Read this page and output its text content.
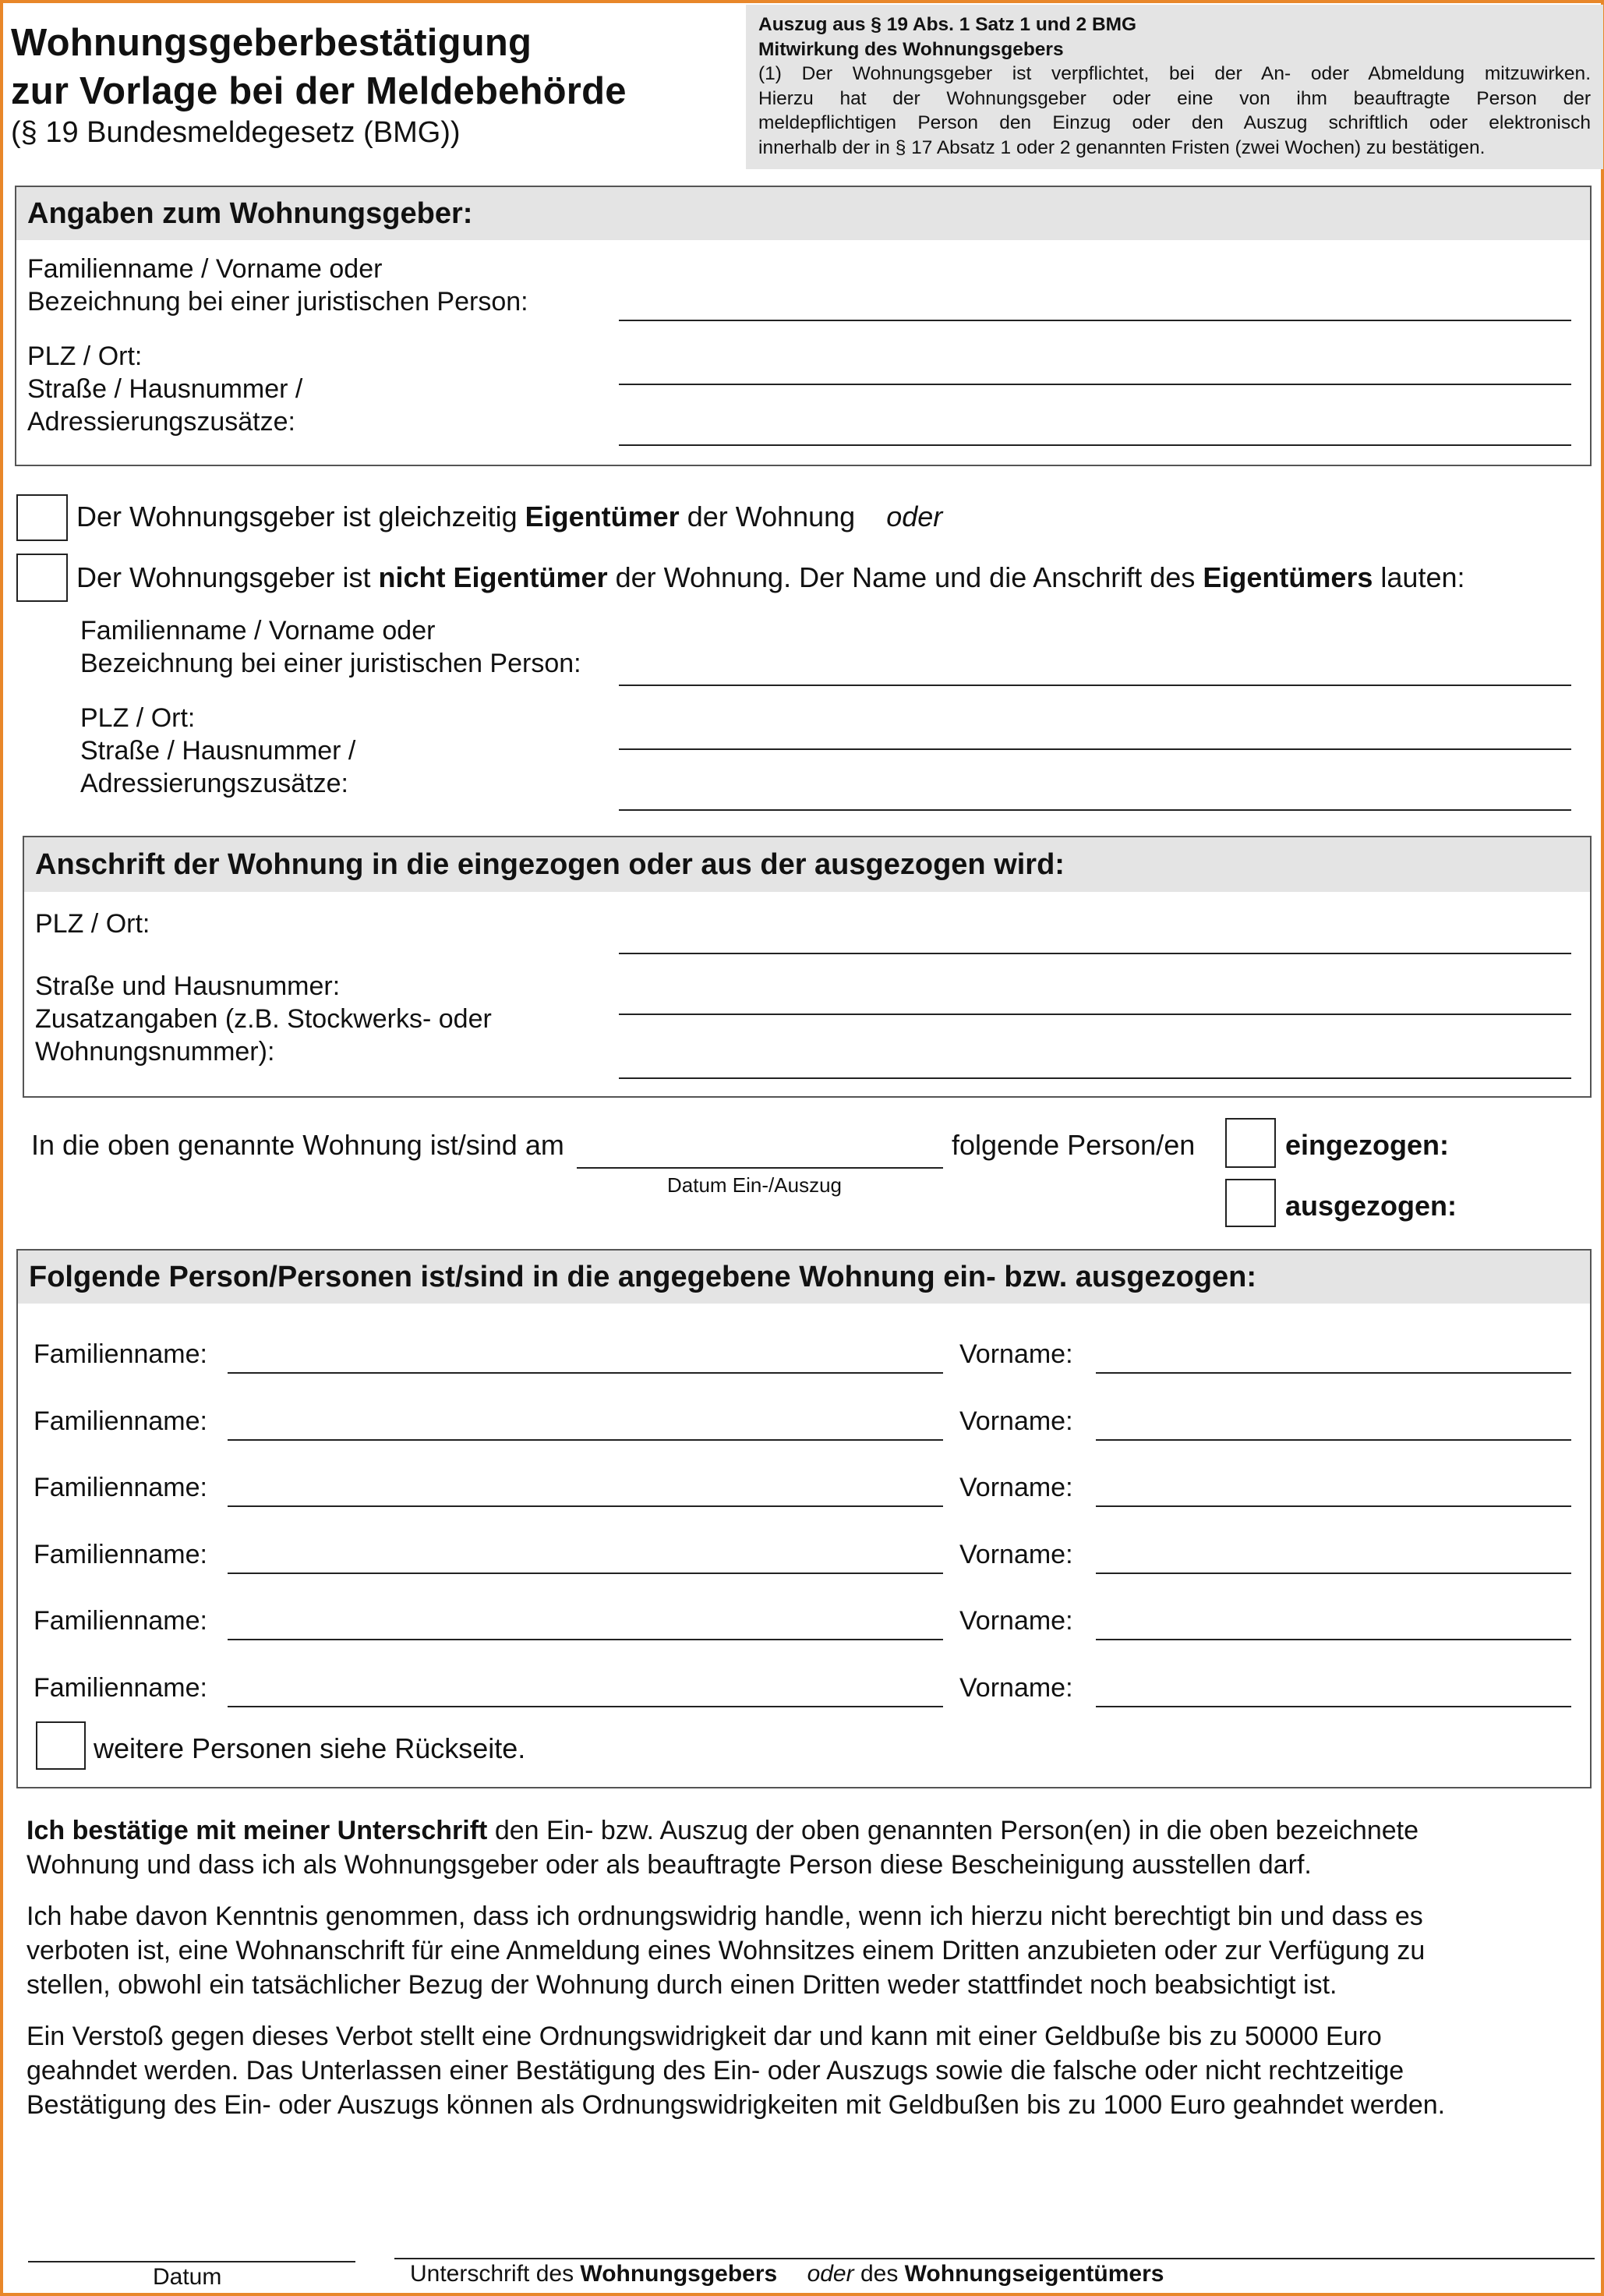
Wohnungsgeberbestätigung
zur Vorlage bei der Meldebehörde
(§ 19 Bundesmeldegesetz (BMG))
Auszug aus § 19 Abs. 1 Satz 1 und 2 BMG
Mitwirkung des Wohnungsgebers
(1) Der Wohnungsgeber ist verpflichtet, bei der An- oder Abmeldung mitzuwirken.
Hierzu hat der Wohnungsgeber oder eine von ihm beauftragte Person der
meldepflichtigen Person den Einzug oder den Auszug schriftlich oder elektronisch
innerhalb der in § 17 Absatz 1 oder 2 genannten Fristen (zwei Wochen) zu bestätigen.
Angaben zum Wohnungsgeber:
Familienname / Vorname oder
Bezeichnung bei einer juristischen Person:
PLZ / Ort:
Straße / Hausnummer /
Adressierungszusätze:
Der Wohnungsgeber ist gleichzeitig Eigentümer der Wohnung oder
Der Wohnungsgeber ist nicht Eigentümer der Wohnung. Der Name und die Anschrift des Eigentümers lauten:
Familienname / Vorname oder
Bezeichnung bei einer juristischen Person:
PLZ / Ort:
Straße / Hausnummer /
Adressierungszusätze:
Anschrift der Wohnung in die eingezogen oder aus der ausgezogen wird:
PLZ / Ort:
Straße und Hausnummer:
Zusatzangaben (z.B. Stockwerks- oder
Wohnungsnummer):
In die oben genannte Wohnung ist/sind am
Datum Ein-/Auszug
folgende Person/en	eingezogen:
ausgezogen:
Folgende Person/Personen ist/sind in die angegebene Wohnung ein- bzw. ausgezogen:
Familienname:	Vorname:
Familienname:	Vorname:
Familienname:	Vorname:
Familienname:	Vorname:
Familienname:	Vorname:
Familienname:	Vorname:
weitere Personen siehe Rückseite.
Ich bestätige mit meiner Unterschrift den Ein- bzw. Auszug der oben genannten Person(en) in die oben bezeichnete
Wohnung und dass ich als Wohnungsgeber oder als beauftragte Person diese Bescheinigung ausstellen darf.
Ich habe davon Kenntnis genommen, dass ich ordnungswidrig handle, wenn ich hierzu nicht berechtigt bin und dass es
verboten ist, eine Wohnanschrift für eine Anmeldung eines Wohnsitzes einem Dritten anzubieten oder zur Verfügung zu
stellen, obwohl ein tatsächlicher Bezug der Wohnung durch einen Dritten weder stattfindet noch beabsichtigt ist.
Ein Verstoß gegen dieses Verbot stellt eine Ordnungswidrigkeit dar und kann mit einer Geldbuße bis zu 50000 Euro
geahndet werden. Das Unterlassen einer Bestätigung des Ein- oder Auszugs sowie die falsche oder nicht rechtzeitige
Bestätigung des Ein- oder Auszugs können als Ordnungswidrigkeiten mit Geldbußen bis zu 1000 Euro geahndet werden.
Datum	Unterschrift des Wohnungsgebers oder des Wohnungseigentümers
